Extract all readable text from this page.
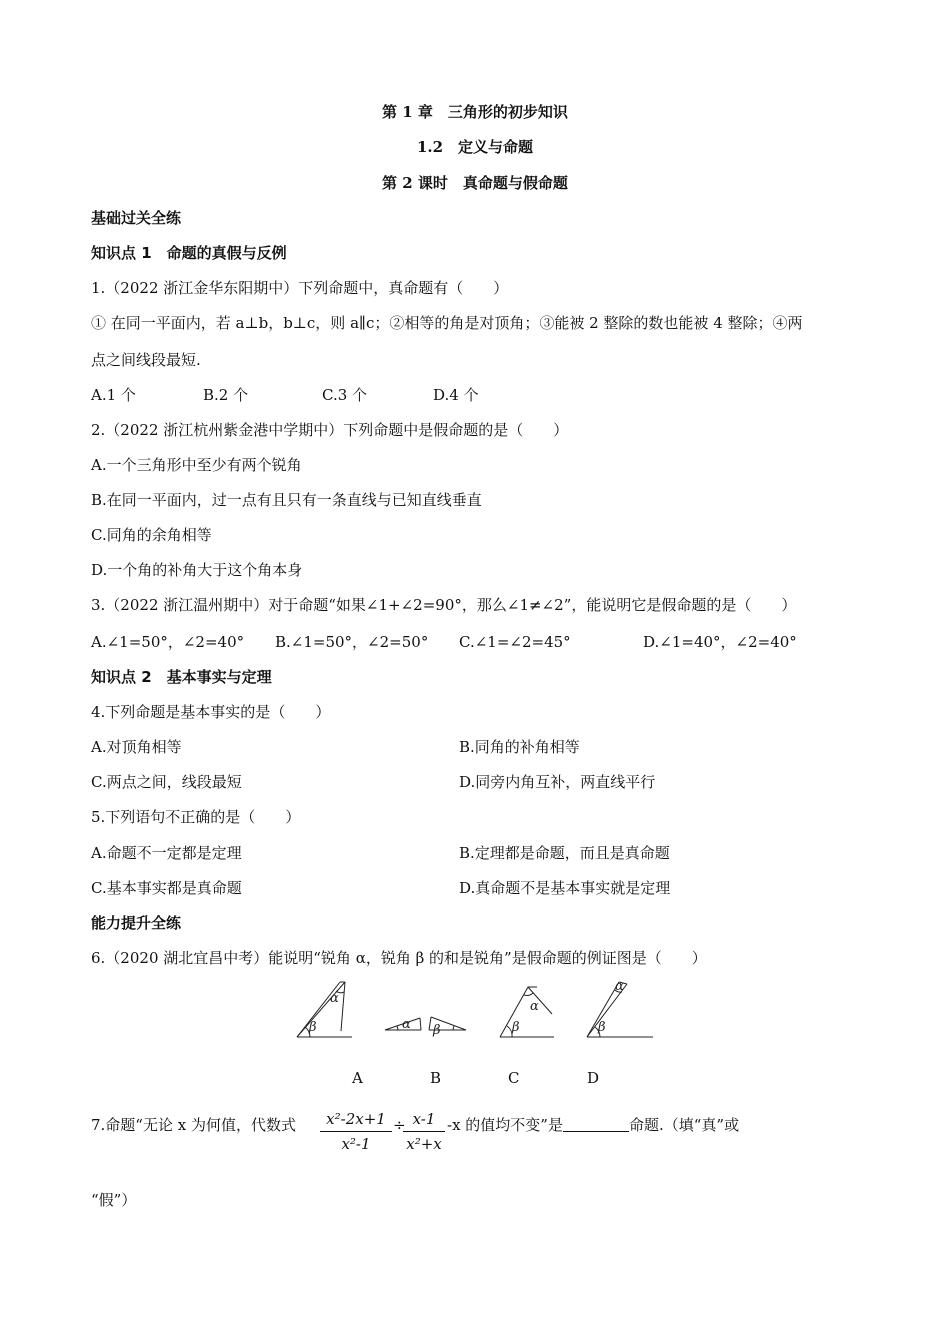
第 1 章　三角形的初步知识
1.2　定义与命题
第 2 课时　真命题与假命题
基础过关全练
知识点 1　命题的真假与反例
1.（2022 浙江金华东阳期中）下列命题中，真命题有（　　）
① 在同一平面内，若 a⊥b，b⊥c，则 a∥c；②相等的角是对顶角；③能被 2 整除的数也能被 4 整除；④两
点之间线段最短.
A.1 个	B.2 个	C.3 个	D.4 个
2.（2022 浙江杭州紫金港中学期中）下列命题中是假命题的是（　　）
A.一个三角形中至少有两个锐角
B.在同一平面内，过一点有且只有一条直线与已知直线垂直
C.同角的余角相等
D.一个角的补角大于这个角本身
3.（2022 浙江温州期中）对于命题“如果∠1+∠2=90°，那么∠1≠∠2”，能说明它是假命题的是（　　）
A.∠1=50°，∠2=40° B.∠1=50°，∠2=50° C.∠1=∠2=45°	D.∠1=40°，∠2=40°
知识点 2　基本事实与定理
4.下列命题是基本事实的是（　　）
A.对顶角相等	B.同角的补角相等
C.两点之间，线段最短	D.同旁内角互补，两直线平行
5.下列语句不正确的是（　　）
A.命题不一定都是定理	B.定理都是命题，而且是真命题
C.基本事实都是真命题	D.真命题不是基本事实就是定理
能力提升全练
6.（2020 湖北宜昌中考）能说明“锐角 α，锐角 β 的和是锐角”是假命题的例证图是（　　）
α
β	α β
α
β
α
β
A	B	C	D
7.命题“无论 x 为何值，代数式 $\frac{\text{x²-2x+1}}{\text{x²-1}}$ ÷
$\frac{x-1}{\text{x²+x}} -x$ 的值均不变”是	命题.（填“真”或
“假”）
